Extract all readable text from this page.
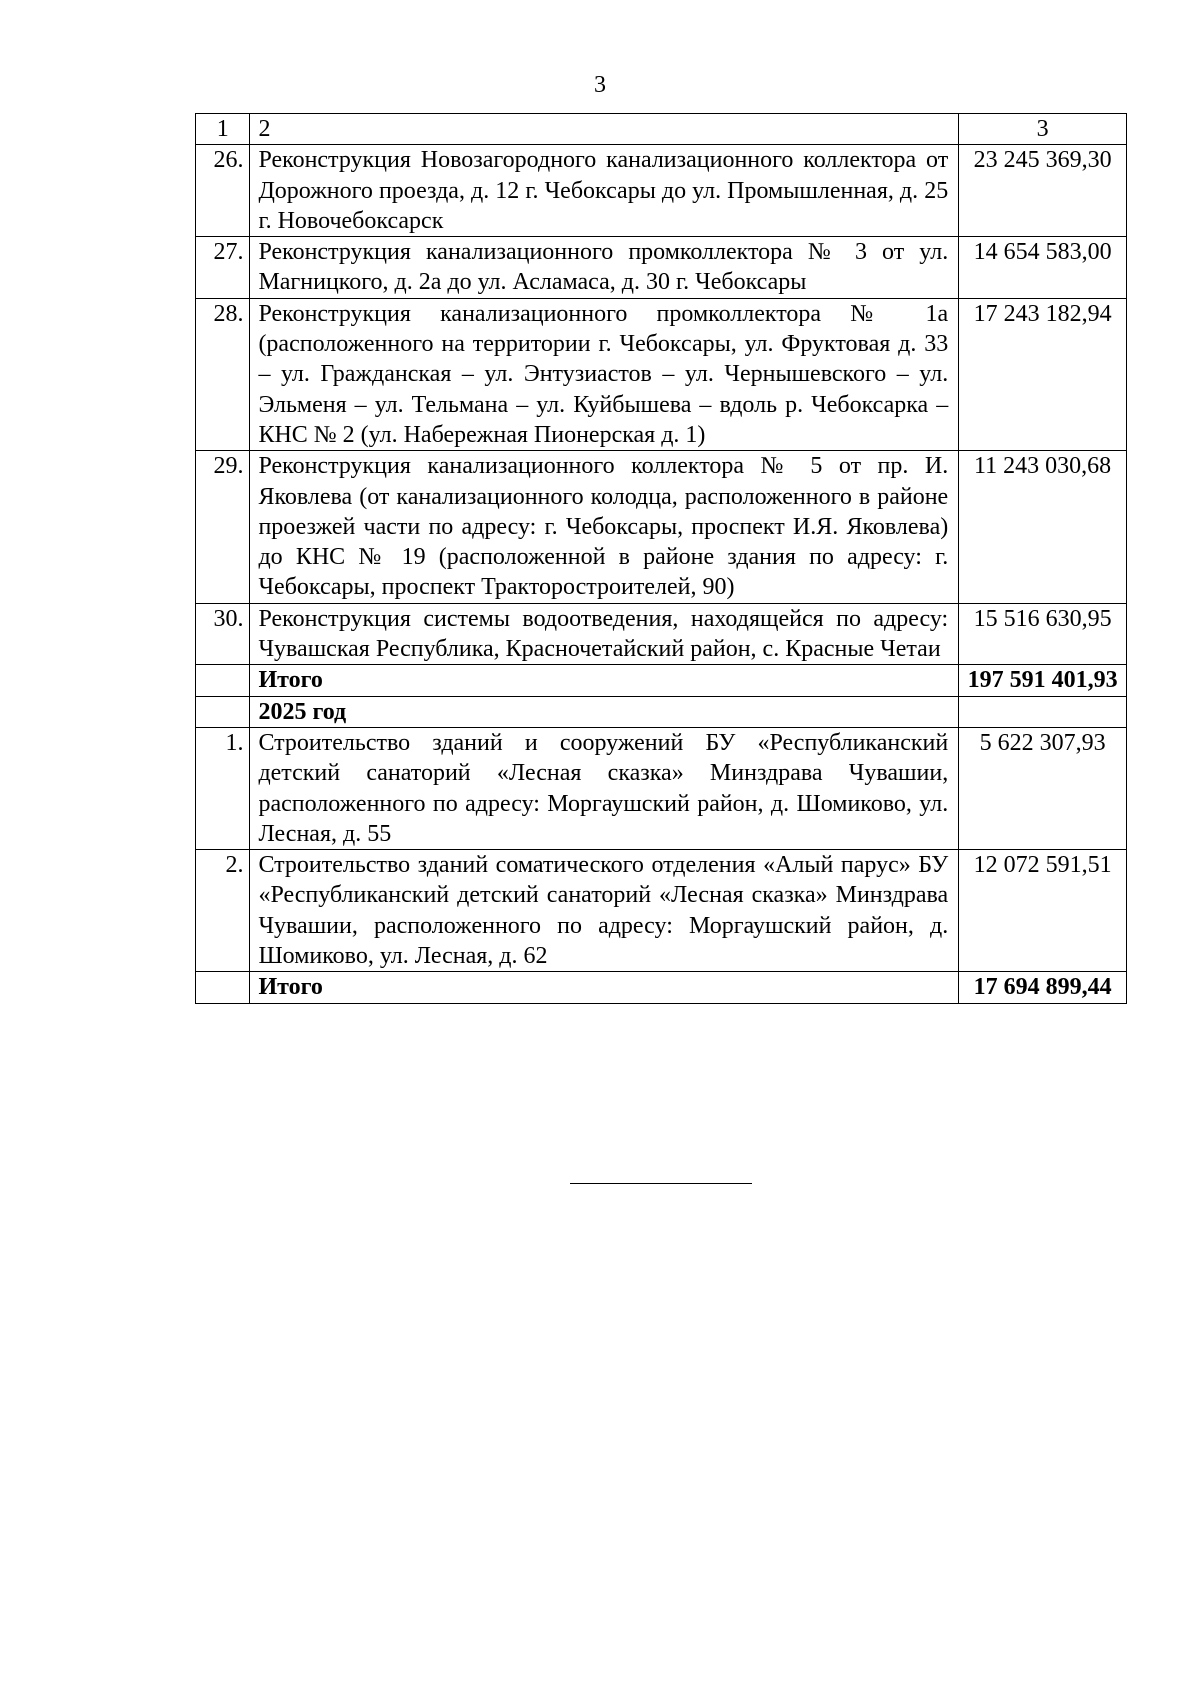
3
1	2	3
26.	Реконструкция Новозагородного канализационного коллектора от Дорожного проезда, д. 12 г. Чебоксары до ул. Промышленная, д. 25 г. Новочебоксарск	23 245 369,30
27.	Реконструкция канализационного промколлектора № 3 от ул. Магницкого, д. 2а до ул. Асламаса, д. 30 г. Чебоксары	14 654 583,00
28.	Реконструкция канализационного промколлектора № 1а (расположенного на территории г. Чебоксары, ул. Фруктовая д. 33 – ул. Гражданская – ул. Энтузиастов – ул. Чернышевского – ул. Эльменя – ул. Тельмана – ул. Куйбышева – вдоль р. Чебоксарка – КНС № 2 (ул. Набережная Пионерская д. 1)	17 243 182,94
29.	Реконструкция канализационного коллектора № 5 от пр. И. Яковлева (от канализационного колодца, расположенного в районе проезжей части по адресу: г. Чебоксары, проспект И.Я. Яковлева) до КНС № 19 (расположенной в районе здания по адресу: г. Чебоксары, проспект Тракторостроителей, 90)	11 243 030,68
30.	Реконструкция системы водоотведения, находящейся по адресу: Чувашская Республика, Красночетайский район, с. Красные Четаи	15 516 630,95
	Итого	197 591 401,93
	2025 год	
1.	Строительство зданий и сооружений БУ «Республиканский детский санаторий «Лесная сказка» Минздрава Чувашии, расположенного по адресу: Моргаушский район, д. Шомиково, ул. Лесная, д. 55	5 622 307,93
2.	Строительство зданий соматического отделения «Алый парус» БУ «Республиканский детский санаторий «Лесная сказка» Минздрава Чувашии, расположенного по адресу: Моргаушский район, д. Шомиково, ул. Лесная, д. 62	12 072 591,51
	Итого	17 694 899,44
